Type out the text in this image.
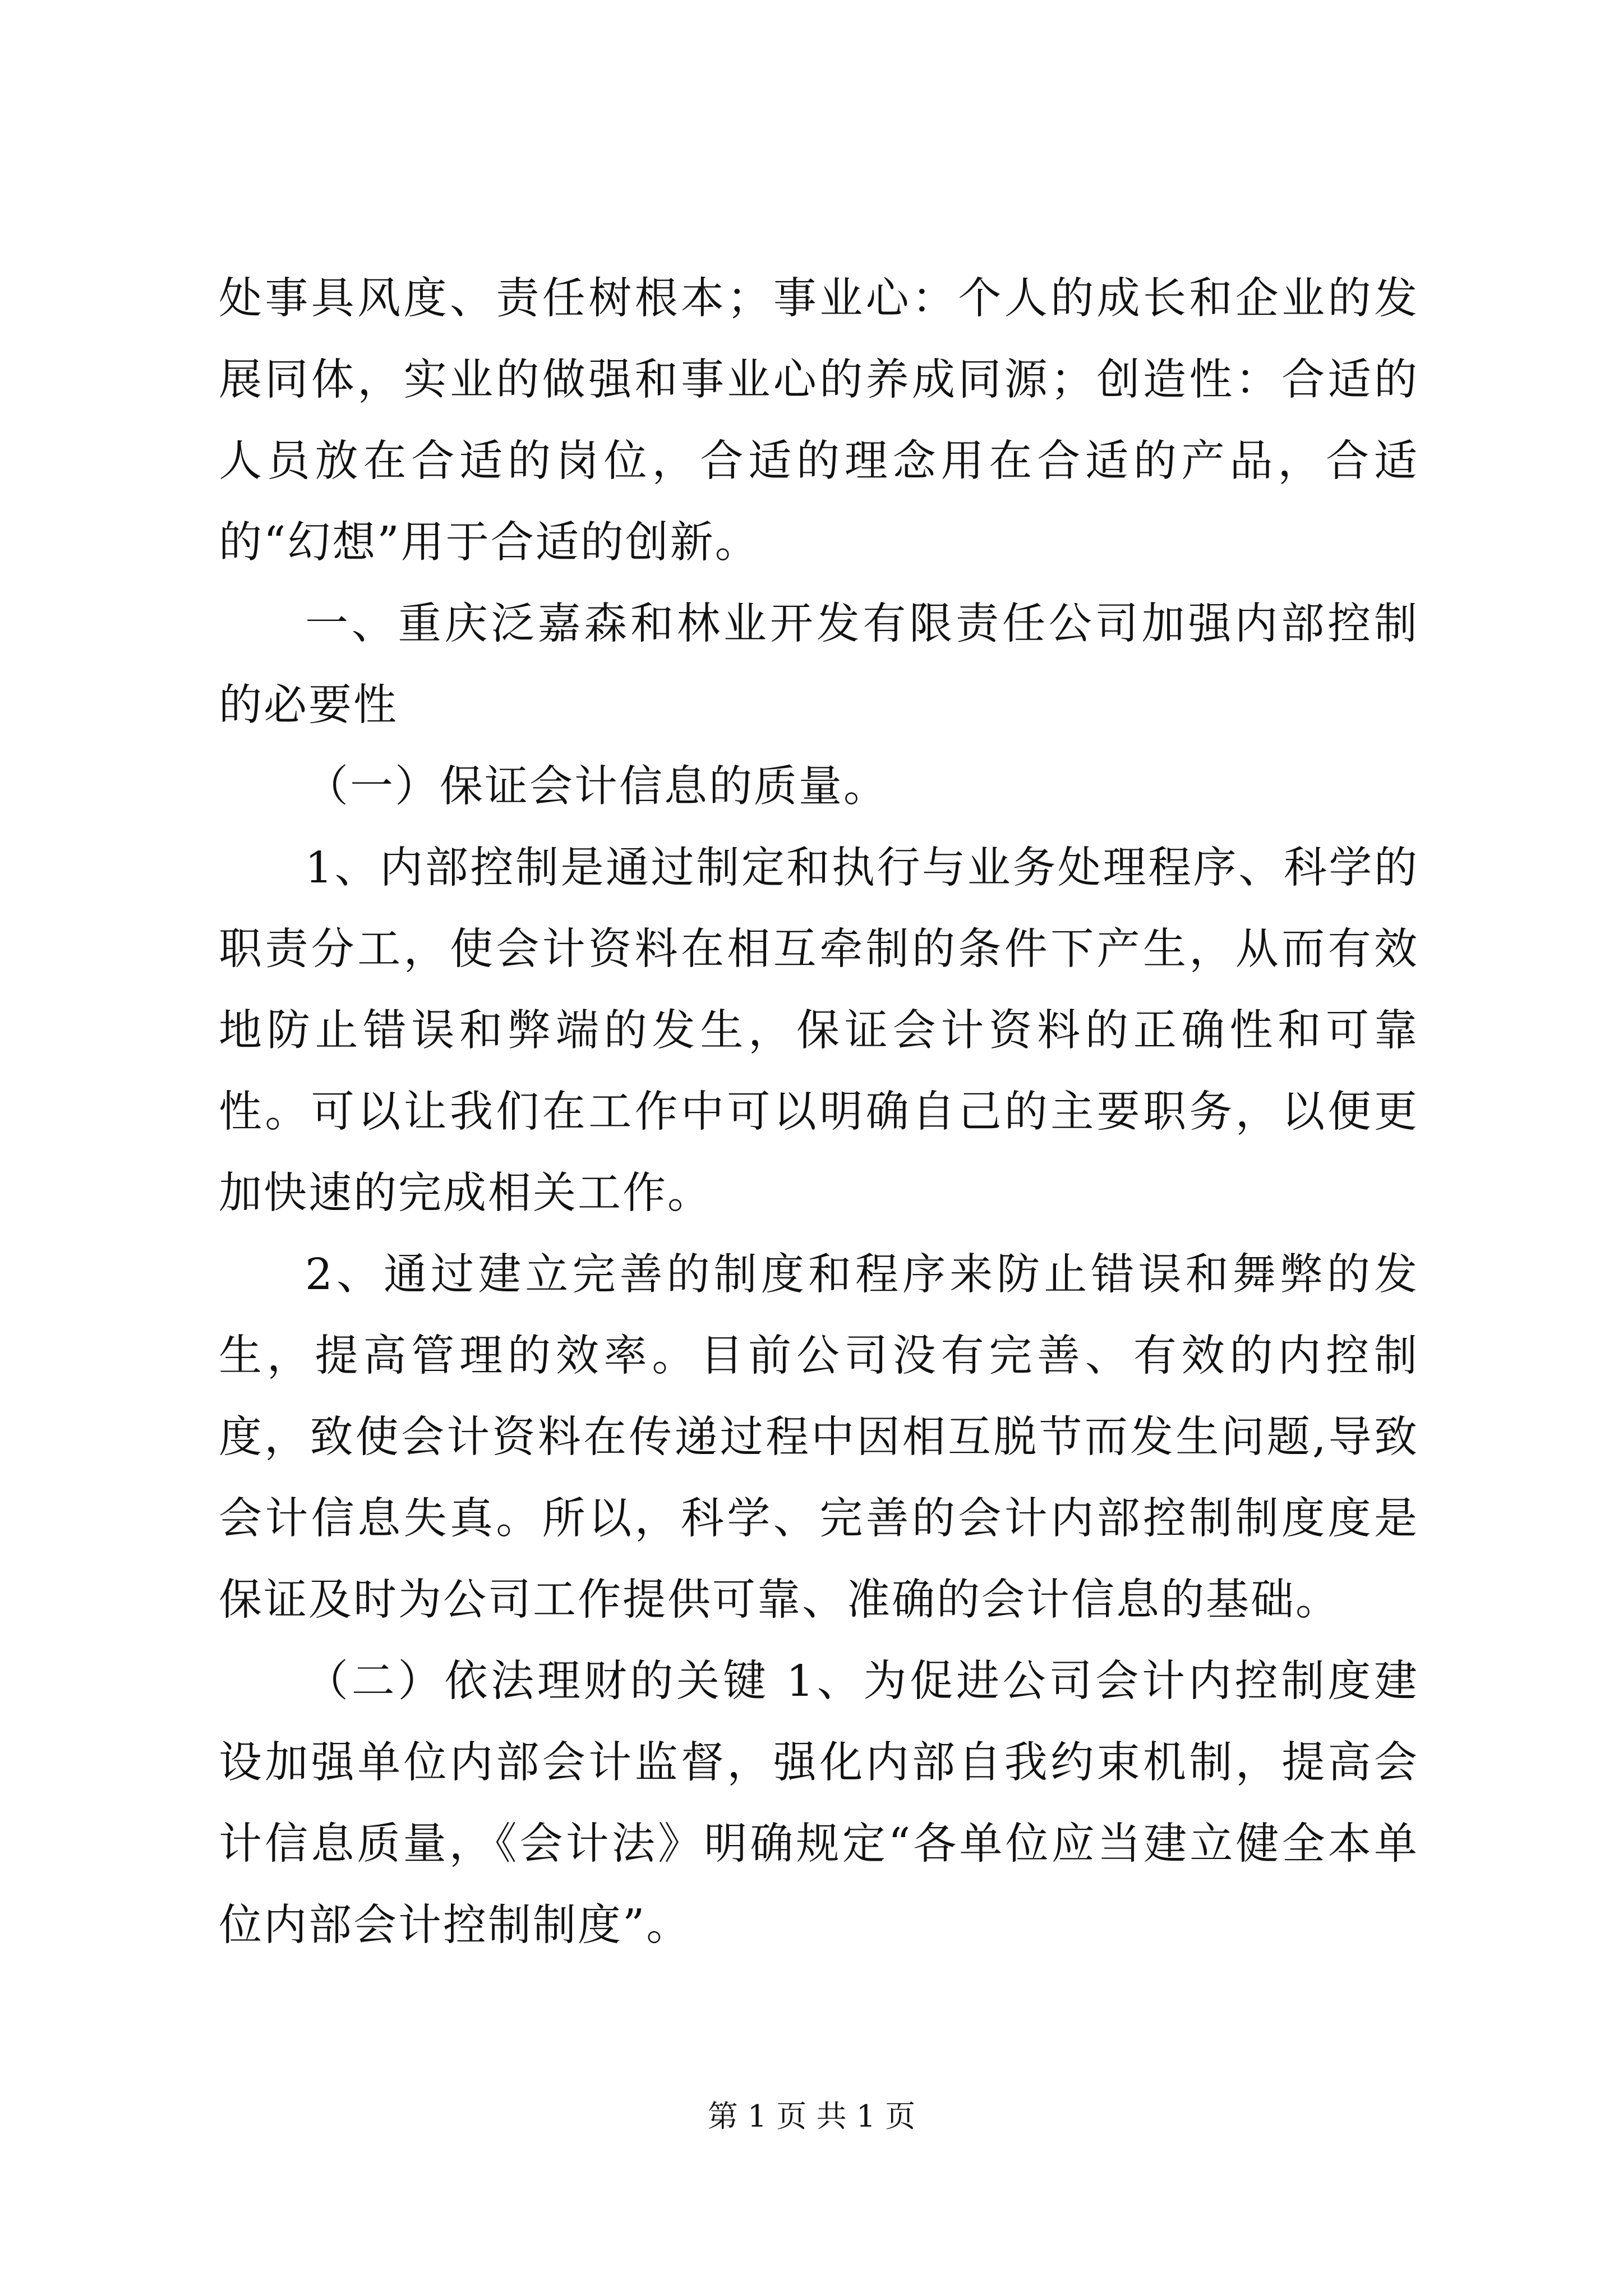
处事具风度、责任树根本；事业心：个人的成长和企业的发展同体，实业的做强和事业心的养成同源；创造性：合适的人员放在合适的岗位，合适的理念用在合适的产品，合适的“幻想”用于合适的创新。

一、重庆泛嘉森和林业开发有限责任公司加强内部控制的必要性

（一）保证会计信息的质量。

1、内部控制是通过制定和执行与业务处理程序、科学的职责分工，使会计资料在相互牵制的条件下产生，从而有效地防止错误和弊端的发生，保证会计资料的正确性和可靠性。可以让我们在工作中可以明确自己的主要职务，以便更加快速的完成相关工作。

2、通过建立完善的制度和程序来防止错误和舞弊的发生，提高管理的效率。目前公司没有完善、有效的内控制度，致使会计资料在传递过程中因相互脱节而发生问题,导致会计信息失真。所以，科学、完善的会计内部控制制度度是保证及时为公司工作提供可靠、准确的会计信息的基础。

（二）依法理财的关键 1、为促进公司会计内控制度建设加强单位内部会计监督，强化内部自我约束机制，提高会计信息质量，《会计法》明确规定“各单位应当建立健全本单位内部会计控制制度”。

第 1 页 共 1 页
